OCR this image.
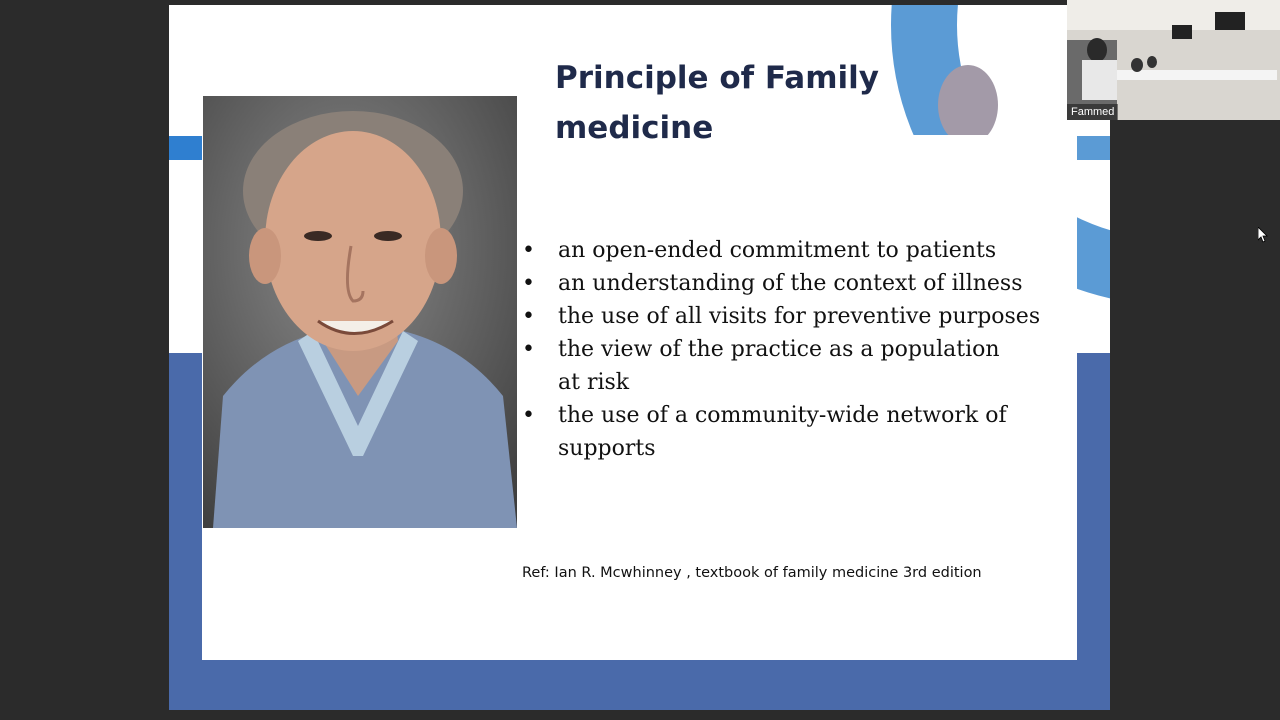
Principle of Family medicine
• an open-ended commitment to patients
• an understanding of the context of illness
• the use of all visits for preventive purposes
• the view of the practice as a population at risk
• the use of a community-wide network of supports
Ref: Ian R. Mcwhinney , textbook of family medicine 3rd edition
Fammed
